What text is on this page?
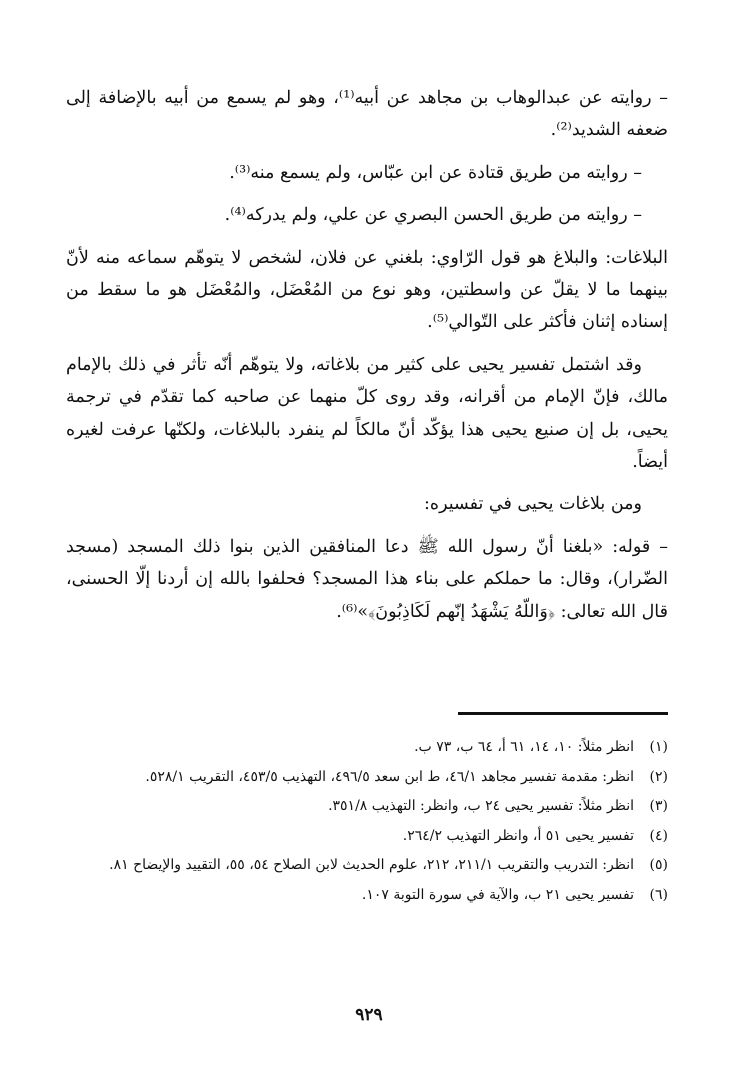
– روايته عن عبدالوهاب بن مجاهد عن أبيه⁽¹⁾، وهو لم يسمع من أبيه بالإضافة إلى ضعفه الشديد⁽²⁾.

– روايته من طريق قتادة عن ابن عبّاس، ولم يسمع منه⁽³⁾.

– روايته من طريق الحسن البصري عن علي، ولم يدركه⁽⁴⁾.

البلاغات: والبلاغ هو قول الرّاوي: بلغني عن فلان، لشخص لا يتوهّم سماعه منه لأنّ بينهما ما لا يقلّ عن واسطتين، وهو نوع من المُعْضَل، والمُعْضَل هو ما سقط من إسناده إثنان فأكثر على التّوالي⁽⁵⁾.

وقد اشتمل تفسير يحيى على كثير من بلاغاته، ولا يتوهّم أنّه تأثر في ذلك بالإمام مالك، فإنّ الإمام من أقرانه، وقد روى كلّ منهما عن صاحبه كما تقدّم في ترجمة يحيى، بل إن صنيع يحيى هذا يؤكّد أنّ مالكاً لم ينفرد بالبلاغات، ولكنّها عرفت لغيره أيضاً.

ومن بلاغات يحيى في تفسيره:

– قوله: «بلغنا أنّ رسول الله ﷺ دعا المنافقين الذين بنوا ذلك المسجد (مسجد الضّرار)، وقال: ما حملكم على بناء هذا المسجد؟ فحلفوا بالله إن أردنا إلّا الحسنى، قال الله تعالى: ﴿وَاللّهُ يَشْهَدُ إنّهم لَكَاذِبُونَ﴾»⁽⁶⁾.

(١)
انظر مثلاً: ١٠، ١٤، ٦١ أ، ٦٤ ب، ٧٣ ب.
(٢)
انظر: مقدمة تفسير مجاهد ٤٦/١، ط ابن سعد ٤٩٦/٥، التهذيب ٤٥٣/٥، التقريب ٥٢٨/١.
(٣)
انظر مثلاً: تفسير يحيى ٢٤ ب، وانظر: التهذيب ٣٥١/٨.
(٤)
تفسير يحيى ٥١ أ، وانظر التهذيب ٢٦٤/٢.
(٥)
انظر: التدريب والتقريب ٢١١/١، ٢١٢، علوم الحديث لابن الصلاح ٥٤، ٥٥، التقييد والإيضاح ٨١.
(٦)
تفسير يحيى ٢١ ب، والآية في سورة التوبة ١٠٧.
٩٢٩
